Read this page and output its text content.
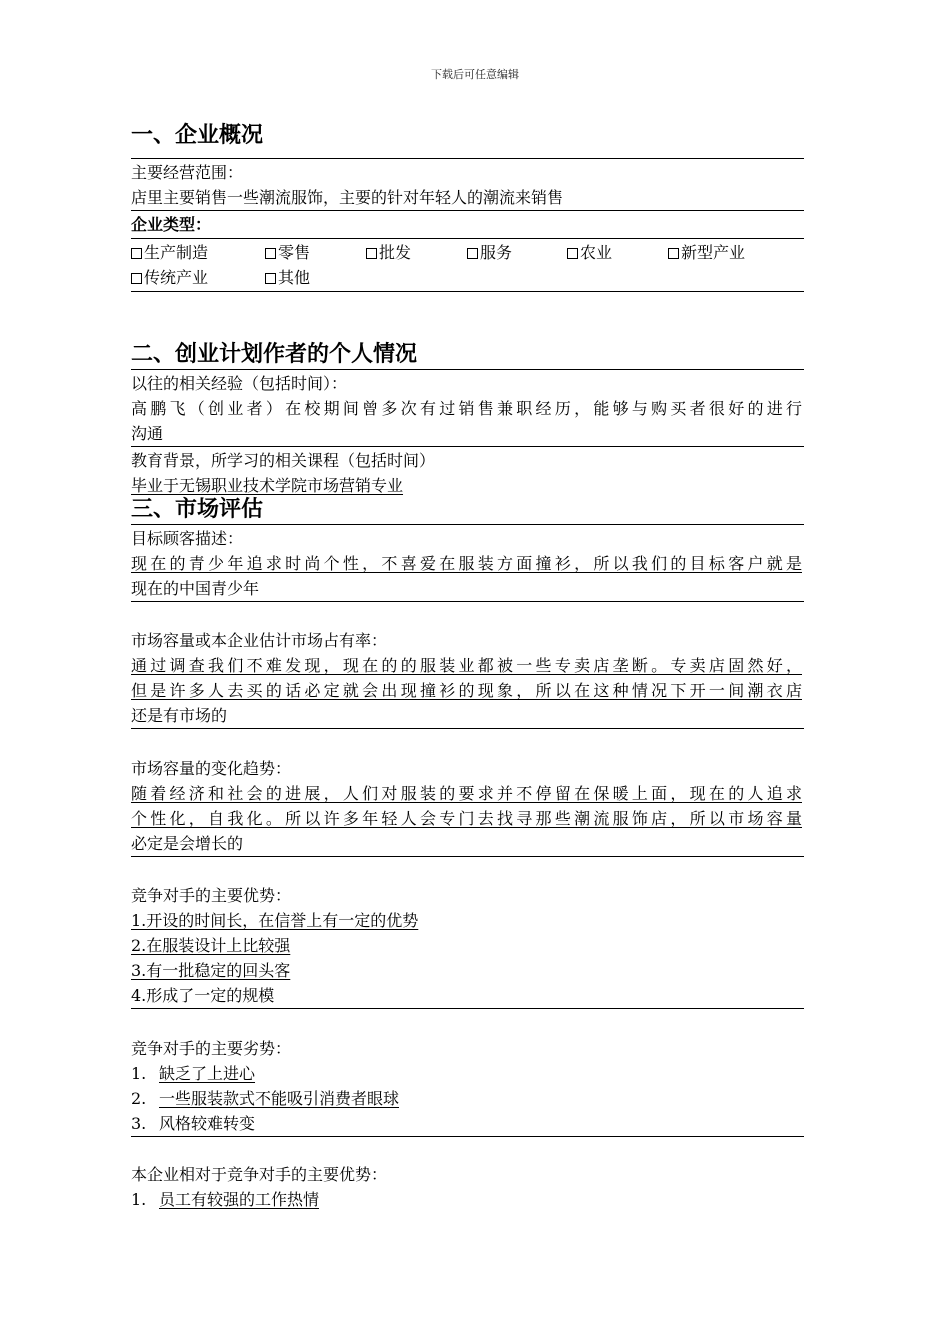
下载后可任意编辑
一、企业概况
主要经营范围：
店里主要销售一些潮流服饰，主要的针对年轻人的潮流来销售
企业类型：
生产制造	零售	批发	服务	农业	新型产业
传统产业	其他
二、创业计划作者的个人情况
以往的相关经验（包括时间）：
高鹏飞（创业者）在校期间曾多次有过销售兼职经历，能够与购买者很好的进行
沟通
教育背景，所学习的相关课程（包括时间）
毕业于无锡职业技术学院市场营销专业
三、市场评估
目标顾客描述：
现在的青少年追求时尚个性，不喜爱在服装方面撞衫，所以我们的目标客户就是
现在的中国青少年
市场容量或本企业估计市场占有率：
通过调查我们不难发现，现在的的服装业都被一些专卖店垄断。专卖店固然好，
但是许多人去买的话必定就会出现撞衫的现象，所以在这种情况下开一间潮衣店
还是有市场的
市场容量的变化趋势：
随着经济和社会的进展，人们对服装的要求并不停留在保暖上面，现在的人追求
个性化，自我化。所以许多年轻人会专门去找寻那些潮流服饰店，所以市场容量
必定是会增长的
竞争对手的主要优势：
1.开设的时间长，在信誉上有一定的优势
2.在服装设计上比较强
3.有一批稳定的回头客
4.形成了一定的规模
竞争对手的主要劣势：
1. 缺乏了上进心
2. 一些服装款式不能吸引消费者眼球
3. 风格较难转变
本企业相对于竞争对手的主要优势：
1. 员工有较强的工作热情
